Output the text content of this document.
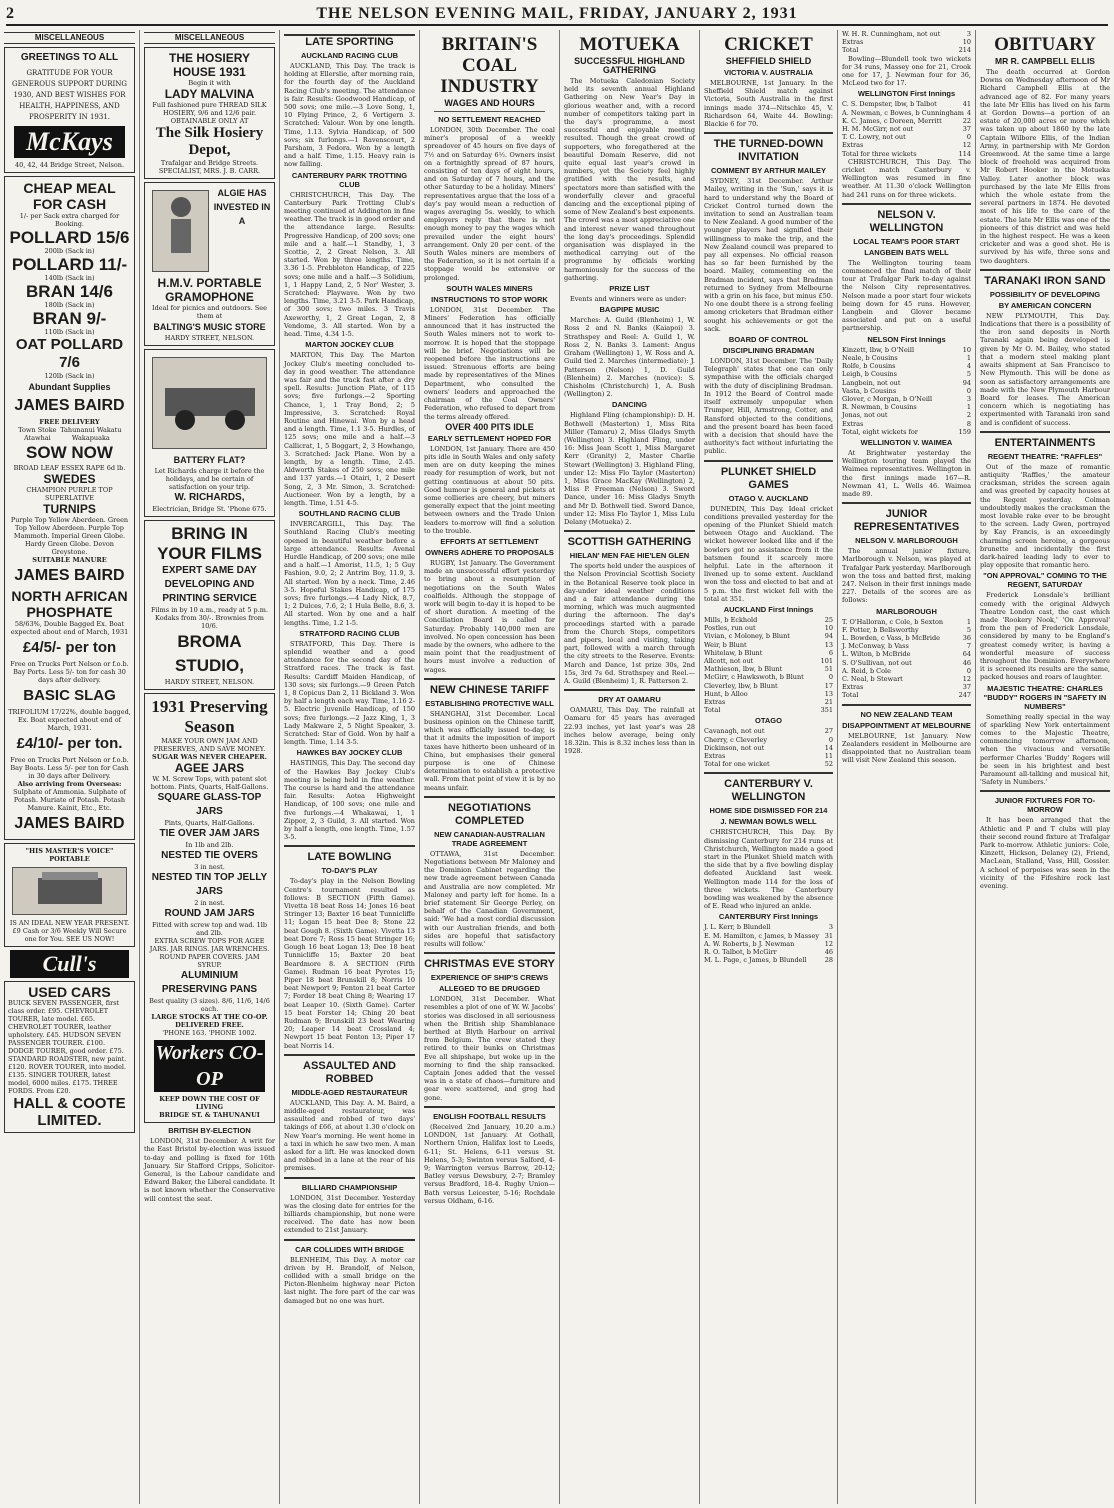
2	THE NELSON EVENING MAIL, FRIDAY, JANUARY 2, 1931
MISCELLANEOUS
GREETINGS TO ALL
GRATITUDE FOR YOUR GENEROUS SUPPORT DURING 1930, AND BEST WISHES FOR HEALTH, HAPPINESS, AND PROSPERITY IN 1931.
McKays
40, 42, 44 Bridge Street, Nelson.
CHEAP MEAL FOR CASH
1/- per Sack extra charged for Booking.
POLLARD 15/6
200lb (Sack in)
POLLARD 11/-
140lb (Sack in)
BRAN 14/6
180lb (Sack in)
BRAN 9/-
110lb (Sack in)
OAT POLLARD 7/6
120lb (Sack in)
Abundant Supplies
JAMES BAIRD
FREE DELIVERY
Town Stoke Atawhai
Tahunanui Wakatu Wakapuaka
SOW NOW
BROAD LEAF ESSEX RAPE 6d lb.
SWEDES
CHAMPION PURPLE TOP SUPERLATIVE
TURNIPS
Purple Top Yellow Aberdeen. Green Top Yellow Aberdeen. Purple Top Mammoth. Imperial Green Globe. Hardy Green Globe. Devon Greystone.
SUITABLE MANURE
JAMES BAIRD
NORTH AFRICAN PHOSPHATE
58/63%, Double Bagged Ex. Boat expected about end of March, 1931
£4/5/- per ton
Free on Trucks Port Nelson or f.o.b. Bay Ports. Less 5/- ton for cash 30 days after delivery.
BASIC SLAG
TRIFOLIUM 17/22%, double bagged, Ex. Boat expected about end of March, 1931.
£4/10/- per ton.
Free on Trucks Port Nelson or f.o.b. Bay Boats. Less 5/- per ton for Cash in 30 days after Delivery.
Also arriving from Overseas:
Sulphate of Ammonia. Sulphate of Potash. Muriate of Potash. Potash Manure. Kainit, Etc., Etc.
JAMES BAIRD
"HIS MASTER'S VOICE" PORTABLE
IS AN IDEAL NEW YEAR PRESENT. £9 Cash or 3/6 Weekly Will Secure one for You. SEE US NOW!
Cull's
USED CARS
BUICK SEVEN PASSENGER, first class order. £95. CHEVROLET TOURER, late model. £65. CHEVROLET TOURER, leather upholstery. £45. HUDSON SEVEN PASSENGER TOURER. £100. DODGE TOURER, good order. £75. STANDARD ROADSTER, new paint. £120. ROVER TOURER, into model. £135. SINGER TOURER, latest model, 6000 miles. £175. THREE FORDS. From £20.
HALL & COOTE LIMITED.
MISCELLANEOUS
THE HOSIERY HOUSE 1931
Begin it with
LADY MALVINA
Full fashioned pure THREAD SILK HOSIERY, 9/6 and 12/6 pair. OBTAINABLE ONLY AT
The Silk Hosiery Depot,
Trafalgar and Bridge Streets.
SPECIALIST, MRS. J. B. CARR.
ALGIE HAS INVESTED IN A
H.M.V. PORTABLE GRAMOPHONE
Ideal for picnics and outdoors. See them at
BALTING'S MUSIC STORE
HARDY STREET, NELSON.
BATTERY FLAT?
Let Richards charge it before the holidays, and be certain of satisfaction on your trip.
W. RICHARDS,
Electrician, Bridge St. 'Phone 675.
BRING IN YOUR FILMS
EXPERT SAME DAY DEVELOPING AND PRINTING SERVICE
Films in by 10 a.m., ready at 5 p.m. Kodaks from 30/-. Brownies from 10/6.
BROMA STUDIO,
HARDY STREET, NELSON.
1931 Preserving Season
MAKE YOUR OWN JAM AND PRESERVES, AND SAVE MONEY.
SUGAR WAS NEVER CHEAPER.
AGEE JARS
W. M. Screw Tops, with patent slot bottom. Pints, Quarts, Half-Gallons.
SQUARE GLASS-TOP JARS
Pints, Quarts, Half-Gallons.
TIE OVER JAM JARS
In 1lb and 2lb.
NESTED TIE OVERS
3 in nest.
NESTED TIN TOP JELLY JARS
2 in nest.
ROUND JAM JARS
Fitted with screw top and wad. 1lb and 2lb.
EXTRA SCREW TOPS FOR AGEE JARS. JAR RINGS. JAR WRENCHES. ROUND PAPER COVERS. JAM SYRUP.
ALUMINIUM PRESERVING PANS
Best quality (3 sizes). 8/6, 11/6, 14/6 each.
LARGE STOCKS AT THE CO-OP. DELIVERED FREE.
'PHONE 163. 'PHONE 1002.
Workers CO-OP
KEEP DOWN THE COST OF LIVING
BRIDGE ST. & TAHUNANUI
BRITISH BY-ELECTION

LONDON, 31st December. A writ for the East Bristol by-election was issued to-day and polling is fixed for 16th January. Sir Stafford Cripps, Solicitor-General, is the Labour candidate and Edward Baker, the Liberal candidate. It is not known whether the Conservative will contest the seat.

LATE SPORTING
AUCKLAND RACING CLUB

AUCKLAND, This Day. The track is holding at Ellerslie, after morning rain, for the fourth day of the Auckland Racing Club's meeting. The attendance is fair. Results: Goodwood Handicap, of 500 sovs; one mile.—3 Love Song, 1, 10 Flying Prince, 2, 6 Vertigern 3. Scratched: Valour. Won by one length. Time, 1.13. Sylvia Handicap, of 500 sovs; six furlongs.—1 Ravenscourt, 2 Parsham, 3 Fedora. Won by a length and a half. Time, 1.15. Heavy rain is now falling.

CANTERBURY PARK TROTTING CLUB

CHRISTCHURCH, This Day. The Canterbury Park Trotting Club's meeting continued at Addington in fine weather. The track is in good order and the attendance large. Results: Progressive Handicap, of 200 sovs; one mile and a half.—1 Standby, 1, 3 Scottie, 2, 2 Great Nelson, 3. All started. Won by three lengths. Time, 3.36 1-5. Prebbleton Handicap, of 225 sovs; one mile and a half.—3 Solidium, 1, 1 Happy Land, 2, 5 Nor' Wester, 3. Scratched: Playwave. Won by two lengths. Time, 3.21 3-5. Park Handicap, of 300 sovs; two miles. 3 Travis Axeworthy, 1, 2 Great Logan, 2, 8 Vendome, 3. All started. Won by a head. Time, 4.34 1-5.

MARTON JOCKEY CLUB

MARTON, This Day. The Marton Jockey Club's meeting concluded to-day in good weather. The attendance was fair and the track fast after a dry spell. Results: Junction Plate, of 115 sovs; five furlongs.—2 Sporting Chance, 1, 1 Tray Bond, 2; 5 Impressive, 3. Scratched: Royal Routine and Hinewai. Won by a head and a length. Time, 1.1 3-5. Hurdles, of 125 sovs; one mile and a half.—3 Callicrat, 1, 5 Boggart, 2, 3 Howhango, 3. Scratched: Jack Plane. Won by a length, by a length. Time, 2.45. Aldworth Stakes of 250 sovs; one mile and 137 yards.—1 Otairi, 1, 2 Desert Song, 2, 3 Mr. Simon, 3. Scratched: Auctioneer. Won by a length, by a length. Time, 1.51 4-5.

SOUTHLAND RACING CLUB

INVERCARGILL, This Day. The Southland Racing Club's meeting opened in beautiful weather before a large attendance. Results: Avenal Hurdle Handicap, of 200 sovs; one mile and a half.—1 Amorist, 11.5, 1; 5 Guy Fashion, 9.0, 2; 2 Antrim Boy, 11.9, 3. All started. Won by a neck. Time, 2.46 3-5. Hopeful Stakes Handicap, of 175 sovs; five furlongs.—4 Lady Nick, 8.7, 1; 2 Dulces, 7.6, 2; 1 Hula Belle, 8.6, 3. All started. Won by one and a half lengths. Time, 1.2 1-5.

STRATFORD RACING CLUB

STRATFORD, This Day. There is splendid weather and a good attendance for the second day of the Stratford races. The track is fast. Results: Cardiff Maiden Handicap, of 130 sovs; six furlongs.—9 Green Patch 1, 8 Copicus Dan 2, 11 Bickland 3. Won by half a length each way. Time, 1.16 2-5. Electric Juvenile Handicap, of 150 sovs; five furlongs.—2 Jazz King, 1, 3 Lady Makware 2, 5 Night Speaker, 3. Scratched: Star of Gold. Won by half a length. Time, 1.14 3-5.

HAWKES BAY JOCKEY CLUB

HASTINGS, This Day. The second day of the Hawkes Bay Jockey Club's meeting is being held in fine weather. The course is hard and the attendance fair. Results: Aotea Highweight Handicap, of 100 sovs; one mile and five furlongs.—4 Whakawai, 1, 1 Zippor, 2, 3 Guild, 3. All started. Won by half a length, one length. Time, 1.57 3-5.

LATE BOWLING
TO-DAY'S PLAY

To-day's play in the Nelson Bowling Centre's tournament resulted as follows: B SECTION (Fifth Game). Vivetta 18 beat Ross 14; Jones 16 beat Stringer 13; Baxter 16 beat Tunnicliffe 11; Logan 15 beat Dee 8; Stone 22 beat Gough 8. (Sixth Game). Vivetta 13 beat Dore 7; Ross 15 beat Stringer 16; Gough 16 beat Logan 13; Dee 18 beat Tunnicliffe 15; Baxter 20 beat Beardmore 8. A SECTION (Fifth Game). Rudman 16 beat Pyrotes 15; Piper 18 beat Brunskill 8; Norris 10 beat Newport 9; Fenton 21 beat Carter 7; Forder 18 beat Ching 8; Wearing 17 beat Leaper 10. (Sixth Game). Carter 15 beat Forster 14; Ching 20 beat Rudman 9; Brunskill 23 beat Wearing 20; Leaper 14 beat Crossland 4; Newport 15 beat Fenton 13; Piper 17 beat Norris 14.

ASSAULTED AND ROBBED
MIDDLE-AGED RESTAURATEUR

AUCKLAND, This Day. A. M. Baird, a middle-aged restaurateur, was assaulted and robbed of two days' takings of £66, at about 1.30 o'clock on New Year's morning. He went home in a taxi in which he saw two men. A man asked for a lift. He was knocked down and robbed in a lane at the rear of his premises.

BILLIARD CHAMPIONSHIP

LONDON, 31st December. Yesterday was the closing date for entries for the billiards championship, but none were received. The date has now been extended to 21st January.

CAR COLLIDES WITH BRIDGE

BLENHEIM, This Day. A motor car driven by H. Brandolf, of Nelson, collided with a small bridge on the Picton-Blenheim highway near Picton last night. The fore part of the car was damaged but no one was hurt.

BRITAIN'S COAL INDUSTRY
WAGES AND HOURS
NO SETTLEMENT REACHED

LONDON, 30th December. The coal miner's proposal of a weekly spreadover of 45 hours on five days of 7½ and on Saturday 6½. Owners insist on a fortnightly spread of 87 hours, consisting of ten days of eight hours, and on Saturday of 7 hours, and the other Saturday to be a holiday. Miners' representatives argue that the loss of a day's pay would mean a reduction of wages averaging 5s. weekly, to which employers reply that there is not enough money to pay the wages which prevailed under the eight hours' arrangement. Only 20 per cent. of the South Wales miners are members of the Federation, so it is not certain if a stoppage would be extensive or prolonged.

SOUTH WALES MINERS
INSTRUCTIONS TO STOP WORK

LONDON, 31st December. The Miners' Federation has officially announced that it has instructed the South Wales miners not to work to-morrow. It is hoped that the stoppage will be brief. Negotiations will be reopened before the instructions are issued. Strenuous efforts are being made by representatives of the Mines Department, who consulted the owners' leaders and approached the chairman of the Coal Owners' Federation, who refused to depart from the terms already offered.

OVER 400 PITS IDLE
EARLY SETTLEMENT HOPED FOR

LONDON, 1st January. There are 450 pits idle in South Wales and only safety men are on duty keeping the mines ready for resumption of work, but not getting continuous at about 50 pits. Good humour is general and pickets at some collieries are cheery, but miners generally expect that the joint meeting between owners and the Trade Union leaders to-morrow will find a solution to the trouble.

EFFORTS AT SETTLEMENT
OWNERS ADHERE TO PROPOSALS

RUGBY, 1st January. The Government made an unsuccessful effort yesterday to bring about a resumption of negotiations on the South Wales coalfields. Although the stoppage of work will begin to-day it is hoped to be of short duration. A meeting of the Conciliation Board is called for Saturday. Probably 140,000 men are involved. No open concession has been made by the owners, who adhere to the main point that the readjustment of hours must involve a reduction of wages.

NEW CHINESE TARIFF
ESTABLISHING PROTECTIVE WALL

SHANGHAI, 31st December. Local business opinion on the Chinese tariff, which was officially issued to-day, is that it admits the imposition of import taxes have hitherto been unheard of in China, but emphasises their general purpose is one of Chinese determination to establish a protective wall. From that point of view it is by no means unfair.

NEGOTIATIONS COMPLETED
NEW CANADIAN-AUSTRALIAN TRADE AGREEMENT

OTTAWA, 31st December. Negotiations between Mr Maloney and the Dominion Cabinet regarding the new trade agreement between Canada and Australia are now completed. Mr Maloney and party left for home. In a brief statement Sir George Perley, on behalf of the Canadian Government, said: 'We had a most cordial discussion with our Australian friends, and both sides are hopeful that satisfactory results will follow.'

CHRISTMAS EVE STORY
EXPERIENCE OF SHIP'S CREWS
ALLEGED TO BE DRUGGED

LONDON, 31st December. What resembles a plot of one of W. W. Jacobs' stories was disclosed in all seriousness when the British ship Shamblanace berthed at Blyth Harbour on arrival from Belgium. The crew stated they retired to their bunks on Christmas Eve all shipshape, but woke up in the morning to find the ship ransacked. Captain Jones added that the vessel was in a state of chaos—furniture and gear were scattered, and grog had gone.

ENGLISH FOOTBALL RESULTS

(Received 2nd January, 10.20 a.m.) LONDON, 1st January. At Gothall, Northern Union, Halifax lost to Leeds, 6-11; St. Helens, 6-11 versus St. Helens, 5-3; Swinton versus Salford, 4-9; Warrington versus Barrow, 20-12; Batley versus Dewsbury, 2-7; Bramley versus Bradford, 18-4. Rugby Union—Bath versus Leicester, 5-16; Rochdale versus Oldham, 6-16.

MOTUEKA
SUCCESSFUL HIGHLAND GATHERING

The Motueka Caledonian Society held its seventh annual Highland Gathering on New Year's Day in glorious weather and, with a record number of competitors taking part in the day's programme, a most successful and enjoyable meeting resulted. Though the great crowd of supporters, who foregathered at the beautiful Domain Reserve, did not quite equal last year's crowd in numbers, yet the Society feel highly gratified with the results, and spectators more than satisfied with the wonderfully clever and graceful dancing and the exceptional piping of some of New Zealand's best exponents. The crowd was a most appreciative one and interest never waned throughout the long day's proceedings. Splendid organisation was displayed in the methodical carrying out of the programme by officials working harmoniously for the success of the gathering.

PRIZE LIST

Events and winners were as under:

BAGPIPE MUSIC

Marches: A. Guild (Blenheim) 1, W. Ross 2 and N. Banks (Kaiapoi) 3. Strathspey and Reel: A. Guild 1, W. Ross 2, N. Banks 3. Lament: Angus Graham (Wellington) 1, W. Ross and A. Guild tied 2. Marches (intermediate): J. Patterson (Nelson) 1, D. Guild (Blenheim) 2. Marches (novice): S. Chisholm (Christchurch) 1, A. Bush (Wellington) 2.

DANCING

Highland Fling (championship): D. H. Bothwell (Masterton) 1, Miss Rita Miller (Tamaru) 2, Miss Gladys Smyth (Wellington) 3. Highland Fling, under 16: Miss Jean Scott 1, Miss Margaret Kerr (Granity) 2, Master Charlie Stewart (Wellington) 3. Highland Fling, under 12: Miss Flo Taylor (Masterton) 1, Miss Grace MacKay (Wellington) 2, Miss P. Freeman (Nelson) 3. Sword Dance, under 16: Miss Gladys Smyth and Mr D. Bothwell tied. Sword Dance, under 12: Miss Flo Taylor 1, Miss Lulu Delany (Motueka) 2.

SCOTTISH GATHERING
HIELAN' MEN FAE HIE'LEN GLEN

The sports held under the auspices of the Nelson Provincial Scottish Society in the Botanical Reserve took place in day-under ideal weather conditions and a fair attendance during the morning, which was much augmented during the afternoon. The day's proceedings started with a parade from the Church Steps, competitors and pipers, local and visiting, taking part, followed with a march through the city streets to the Reserve. Events: March and Dance, 1st prize 30s, 2nd 15s, 3rd 7s 6d. Strathspey and Reel.—A. Guild (Blenheim) 1, R. Patterson 2.

DRY AT OAMARU

OAMARU, This Day. The rainfall at Oamaru for 45 years has averaged 22.93 inches, yet last year's was 28 inches below average, being only 18.32in. This is 8.32 inches less than in 1928.

CRICKET
SHEFFIELD SHIELD
VICTORIA V. AUSTRALIA

MELBOURNE, 1st January. In the Sheffield Shield match against Victoria, South Australia in the first innings made 374—Nitschke 45, V. Richardson 64, Waite 44. Bowling: Blackie 6 for 70.

THE TURNED-DOWN INVITATION
COMMENT BY ARTHUR MAILEY

SYDNEY, 31st December. Arthur Mailey, writing in the 'Sun,' says it is hard to understand why the Board of Cricket Control turned down the invitation to send an Australian team to New Zealand. A good number of the younger players had signified their willingness to make the trip, and the New Zealand council was prepared to pay all expenses. No official reason has so far been furnished by the board. Mailey, commenting on the Bradman incident, says that Bradman returned to Sydney from Melbourne with a grin on his face, but minus £50. No one doubt there is a strong feeling among cricketers that Bradman either sought his achievements or got the sack.

BOARD OF CONTROL
DISCIPLINING BRADMAN

LONDON, 31st December. The 'Daily Telegraph' states that one can only sympathise with the officials charged with the duty of disciplining Bradman. In 1912 the Board of Control made itself extremely unpopular when Trumper, Hill, Armstrong, Cotter, and Ransford objected to the conditions, and the present board has been faced with a decision that should have the authority's fact without infuriating the public.

PLUNKET SHIELD GAMES
OTAGO V. AUCKLAND

DUNEDIN, This Day. Ideal cricket conditions prevailed yesterday for the opening of the Plunket Shield match between Otago and Auckland. The wicket however looked like and if the bowlers got no assistance from it the batsmen found it scarcely more helpful. Late in the afternoon it livened up to some extent. Auckland won the toss and elected to bat and at 5 p.m. the first wicket fell with the total at 351.

AUCKLAND First Innings
Mills, b Eckhold	25
Postles, run out	10
Vivian, c Moloney, b Blunt	94
Weir, b Blunt	13
Whitelaw, b Blunt	6
Allcott, not out	101
Mathieson, lbw, b Blunt	51
McGirr, c Hawkswoth, b Blunt	0
Cleverley, lbw, b Blunt	17
Hunt, b Alloo	13
Extras	21
Total	351
OTAGO
Cavanagh, not out	27
Cherry, c Cleverley	0
Dickinson, not out	14
Extras	11
Total for one wicket	52
CANTERBURY V. WELLINGTON
HOME SIDE DISMISSED FOR 214
J. NEWMAN BOWLS WELL

CHRISTCHURCH, This Day. By dismissing Canterbury for 214 runs at Christchurch, Wellington made a good start in the Plunket Shield match with the side that by a five bowling display defeated Auckland last week. Wellington made 114 for the loss of three wickets. The Canterbury bowling was weakened by the absence of E. Read who injured an ankle.

CANTERBURY First Innings
J. L. Kerr, b Blundell	3
E. M. Hamilton, c James, b Massey 31
A. W. Roberts, b J. Newman	12
R. O. Talbot, b McGirr	46
M. L. Page, c James, b Blundell	28
W. H. R. Cunningham, not out	3
Extras	10
Total	214

Bowling—Blundell took two wickets for 34 runs, Massey one for 21, Crook one for 17, J. Newman four for 36, McLeod two for 17.

WELLINGTON First Innings
C. S. Dempster, lbw, b Talbot	41
A. Newman, c Bowes, b Cunningham 4
K. C. James, c Doreen, Merritt	22
H. M. McGirr, not out	37
T. C. Lowry, not out	0
Extras	12
Total for three wickets	114

CHRISTCHURCH, This Day. The cricket match Canterbury v. Wellington was resumed in fine weather. At 11.30 o'clock Wellington had 241 runs on for three wickets.

NELSON V. WELLINGTON
LOCAL TEAM'S POOR START
LANGBEIN BATS WELL

The Wellington touring team commenced the final match of their tour at Trafalgar Park to-day against the Nelson City representatives. Nelson made a poor start four wickets being down for 45 runs. However, Langbein and Glover became associated and put on a useful partnership.

NELSON First Innings
Kinzett, lbw, b O'Neill	10
Neale, b Cousins	1
Rolfe, b Cousins	4
Leigh, b Cousins	5
Langbein, not out	94
Vasta, b Cousins	0
Glover, c Morgan, b O'Neill	3
R. Newman, b Cousins	1
Jonas, not out	2
Extras	8
Total, eight wickets for	159
WELLINGTON V. WAIMEA

At Brightwater yesterday the Wellington touring team played the Waimea representatives. Wellington in the first innings made 167—R. Newman 41, L. Wells 46. Waimea made 89.

JUNIOR REPRESENTATIVES
NELSON V. MARLBOROUGH

The annual junior fixture, Marlborough v. Nelson, was played at Trafalgar Park yesterday. Marlborough won the toss and batted first, making 247. Nelson in their first innings made 227. Details of the scores are as follows:

MARLBOROUGH
T. O'Halloran, c Cole, b Sexton	1
F. Potter, b Bellsworthy	5
L. Bowden, c Vass, b McBride	36
J. McConway, b Vass	7
L. Wilton, b McBride	64
S. O'Sullivan, not out	46
A. Reid, b Cole	0
C. Neal, b Stewart	12
Extras	37
Total	247
NO NEW ZEALAND TEAM
DISAPPOINTMENT AT MELBOURNE

MELBOURNE, 1st January. New Zealanders resident in Melbourne are disappointed that no Australian team will visit New Zealand this season.

OBITUARY
MR R. CAMPBELL ELLIS

The death occurred at Gordon Downs on Wednesday afternoon of Mr Richard Campbell Ellis at the advanced age of 82. For many years the late Mr Ellis has lived on his farm at Gordon Downs—a portion of an estate of 20,000 acres or more which was taken up about 1860 by the late Captain Wilbore Ellis, of the Indian Army, in partnership with Mr Gordon Greenwood. At the same time a large block of freehold was acquired from Mr Robert Hooker in the Motueka Valley. Later another block was purchased by the late Mr Ellis from which the whole estate from the several partners in 1874. He devoted most of his life to the care of the estate. The late Mr Ellis was one of the pioneers of this district and was held in the highest respect. He was a keen cricketer and was a good shot. He is survived by his wife, three sons and two daughters.

TARANAKI IRON SAND
POSSIBILITY OF DEVELOPING
BY AMERICAN CONCERN

NEW PLYMOUTH, This Day. Indications that there is a possibility of the iron sand deposits in North Taranaki again being developed is given by Mr O. M. Bailey, who stated that a modern steel making plant awaits shipment at San Francisco to New Plymouth. This will be done as soon as satisfactory arrangements are made with the New Plymouth Harbour Board for leases. The American concern which is negotiating has experimented with Taranaki iron sand and is confident of success.

ENTERTAINMENTS
REGENT THEATRE: "RAFFLES"

Out of the maze of romantic antiquity 'Raffles,' the amateur cracksman, strides the screen again and was greeted by capacity houses at the Regent yesterday. Colman undoubtedly makes the cracksman the most lovable rake ever to be brought to the screen. Lady Gwen, portrayed by Kay Francis, is an exceedingly charming screen heroine, a gorgeous brunette and incidentally the first dark-haired leading lady to ever to play opposite that romantic hero.

"ON APPROVAL" COMING TO THE REGENT, SATURDAY

Frederick Lonsdale's brilliant comedy with the original Aldwych Theatre London cast, the cast which made 'Rookery Nook,' 'On Approval' from the pen of Frederick Lonsdale, considered by many to be England's greatest comedy writer, is having a wonderful measure of success throughout the Dominion. Everywhere it is screened its results are the same, packed houses and roars of laughter.

MAJESTIC THEATRE: CHARLES "BUDDY" ROGERS IN "SAFETY IN NUMBERS"

Something really special in the way of sparkling New York entertainment comes to the Majestic Theatre, commencing tomorrow afternoon, when the vivacious and versatile performer Charles 'Buddy' Rogers will be seen in his brightest and best Paramount all-talking and musical hit, 'Safety in Numbers.'

JUNIOR FIXTURES FOR TO-MORROW

It has been arranged that the Athletic and P and T clubs will play their second round fixture at Trafalgar Park to-morrow. Athletic juniors: Cole, Kinzett, Hickson, Delaney (2), Friend, MacLean, Stalland, Vass, Hill, Gossler. A school of porpoises was seen in the vicinity of the Fifeshire rock last evening.
